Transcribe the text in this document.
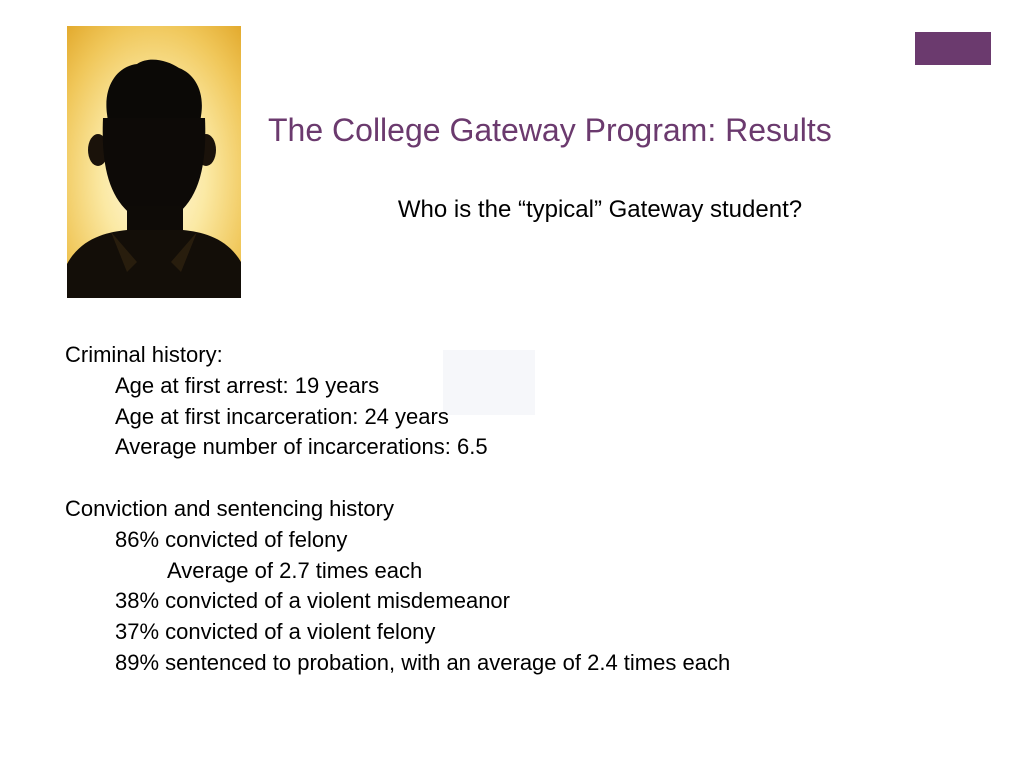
The College Gateway Program: Results
Who is the “typical” Gateway student?
Criminal history:
Age at first arrest: 19 years
Age at first incarceration: 24 years
Average number of incarcerations: 6.5
Conviction and sentencing history
86% convicted of felony
Average of 2.7 times each
38% convicted of a violent misdemeanor
37% convicted of a violent felony
89% sentenced to probation, with an average of 2.4 times each
